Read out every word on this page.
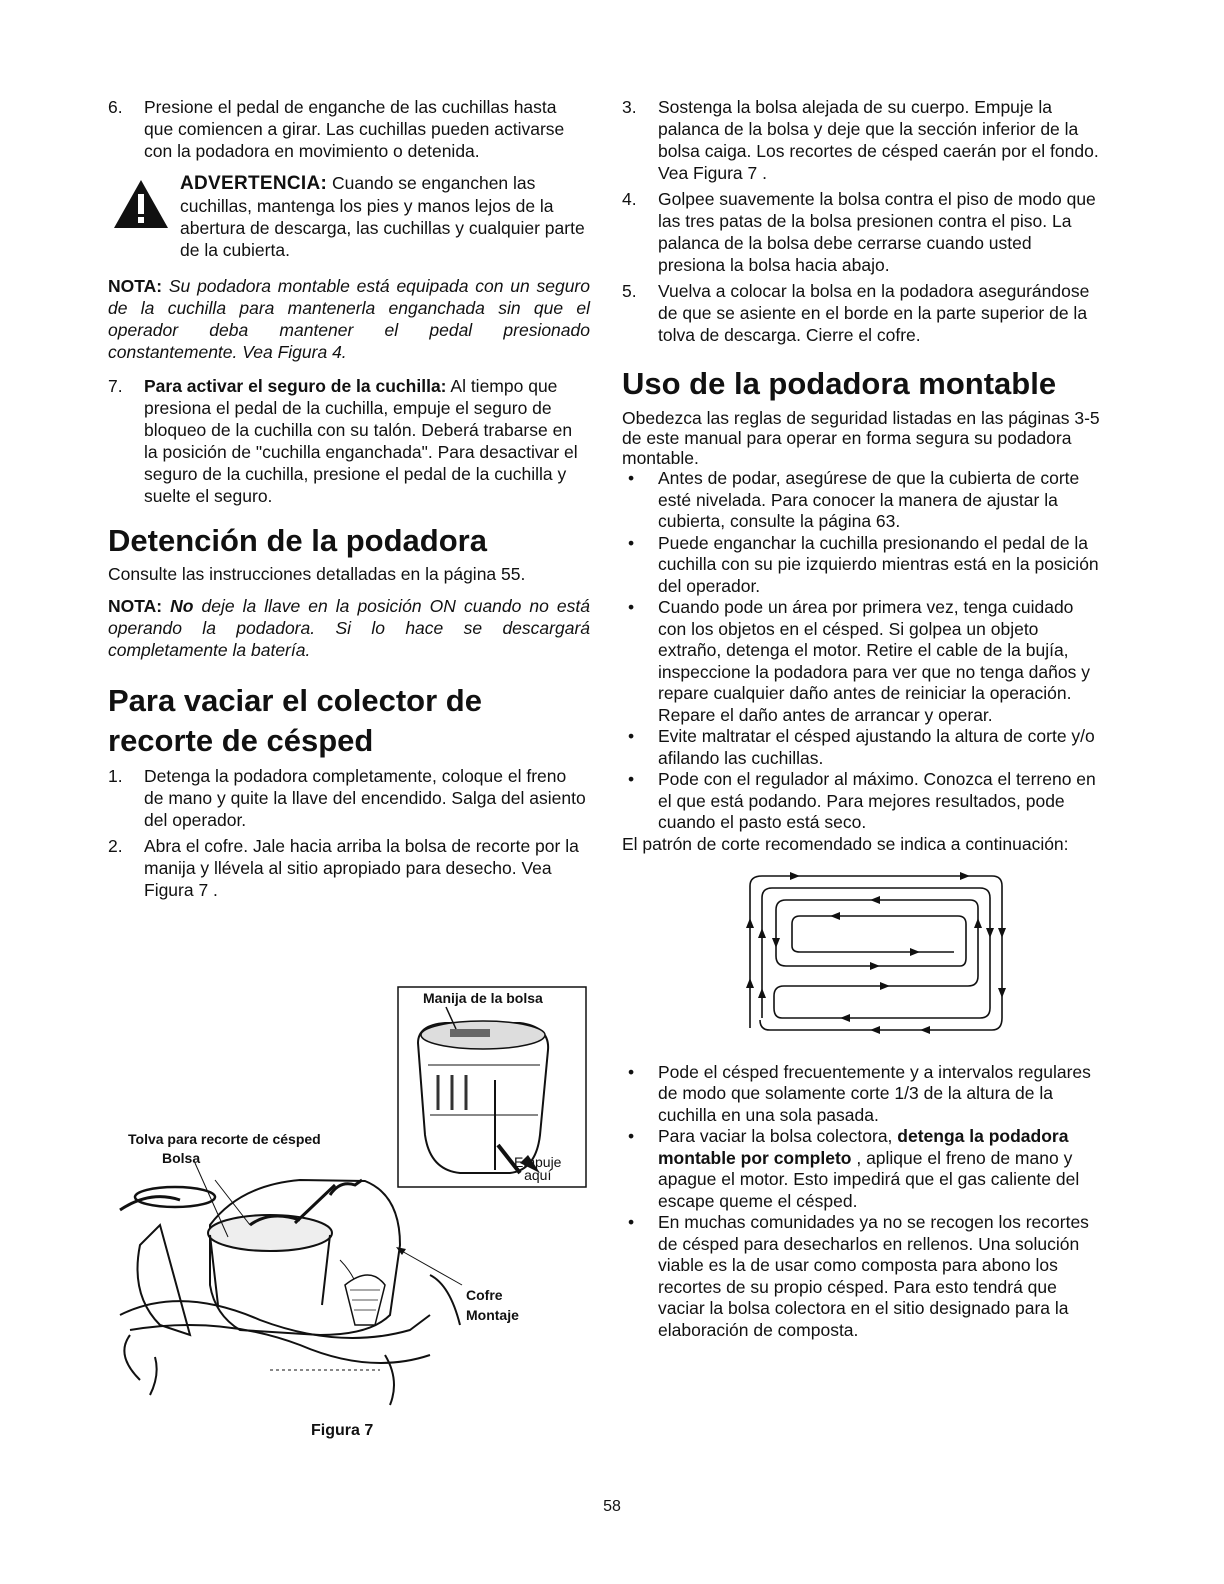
6. Presione el pedal de enganche de las cuchillas hasta que comiencen a girar. Las cuchillas pueden activarse con la podadora en movimiento o detenida.
ADVERTENCIA: Cuando se enganchen las cuchillas, mantenga los pies y manos lejos de la abertura de descarga, las cuchillas y cualquier parte de la cubierta.

NOTA: Su podadora montable está equipada con un seguro de la cuchilla para mantenerla enganchada sin que el operador deba mantener el pedal presionado constantemente. Vea Figura 4.

7. Para activar el seguro de la cuchilla: Al tiempo que presiona el pedal de la cuchilla, empuje el seguro de bloqueo de la cuchilla con su talón. Deberá trabarse en la posición de "cuchilla enganchada". Para desactivar el seguro de la cuchilla, presione el pedal de la cuchilla y suelte el seguro.
Detención de la podadora

Consulte las instrucciones detalladas en la página 55.

NOTA: No deje la llave en la posición ON cuando no está operando la podadora. Si lo hace se descargará completamente la batería.

Para vaciar el colector de
recorte de césped
1. Detenga la podadora completamente, coloque el freno de mano y quite la llave del encendido. Salga del asiento del operador.
2. Abra el cofre. Jale hacia arriba la bolsa de recorte por la manija y llévela al sitio apropiado para desecho. Vea Figura 7 .
Manija de la bolsa
Empuje
aquí
Tolva para recorte de césped
Bolsa
Cofre
Montaje
Figura 7
3. Sostenga la bolsa alejada de su cuerpo. Empuje la palanca de la bolsa y deje que la sección inferior de la bolsa caiga. Los recortes de césped caerán por el fondo. Vea Figura 7 .
4. Golpee suavemente la bolsa contra el piso de modo que las tres patas de la bolsa presionen contra el piso. La palanca de la bolsa debe cerrarse cuando usted presiona la bolsa hacia abajo.
5. Vuelva a colocar la bolsa en la podadora asegurándose de que se asiente en el borde en la parte superior de la tolva de descarga. Cierre el cofre.
Uso de la podadora montable

Obedezca las reglas de seguridad listadas en las páginas 3-5 de este manual para operar en forma segura su podadora montable.

• Antes de podar, asegúrese de que la cubierta de corte esté nivelada. Para conocer la manera de ajustar la cubierta, consulte la página 63.
• Puede enganchar la cuchilla presionando el pedal de la cuchilla con su pie izquierdo mientras está en la posición del operador.
• Cuando pode un área por primera vez, tenga cuidado con los objetos en el césped. Si golpea un objeto extraño, detenga el motor. Retire el cable de la bujía, inspeccione la podadora para ver que no tenga daños y repare cualquier daño antes de reiniciar la operación. Repare el daño antes de arrancar y operar.
• Evite maltratar el césped ajustando la altura de corte y/o afilando las cuchillas.
• Pode con el regulador al máximo. Conozca el terreno en el que está podando. Para mejores resultados, pode cuando el pasto está seco.

El patrón de corte recomendado se indica a continuación:

• Pode el césped frecuentemente y a intervalos regulares de modo que solamente corte 1/3 de la altura de la cuchilla en una sola pasada.
• Para vaciar la bolsa colectora, detenga la podadora montable por completo , aplique el freno de mano y apague el motor. Esto impedirá que el gas caliente del escape queme el césped.
• En muchas comunidades ya no se recogen los recortes de césped para desecharlos en rellenos. Una solución viable es la de usar como composta para abono los recortes de su propio césped. Para esto tendrá que vaciar la bolsa colectora en el sitio designado para la elaboración de composta.
58
